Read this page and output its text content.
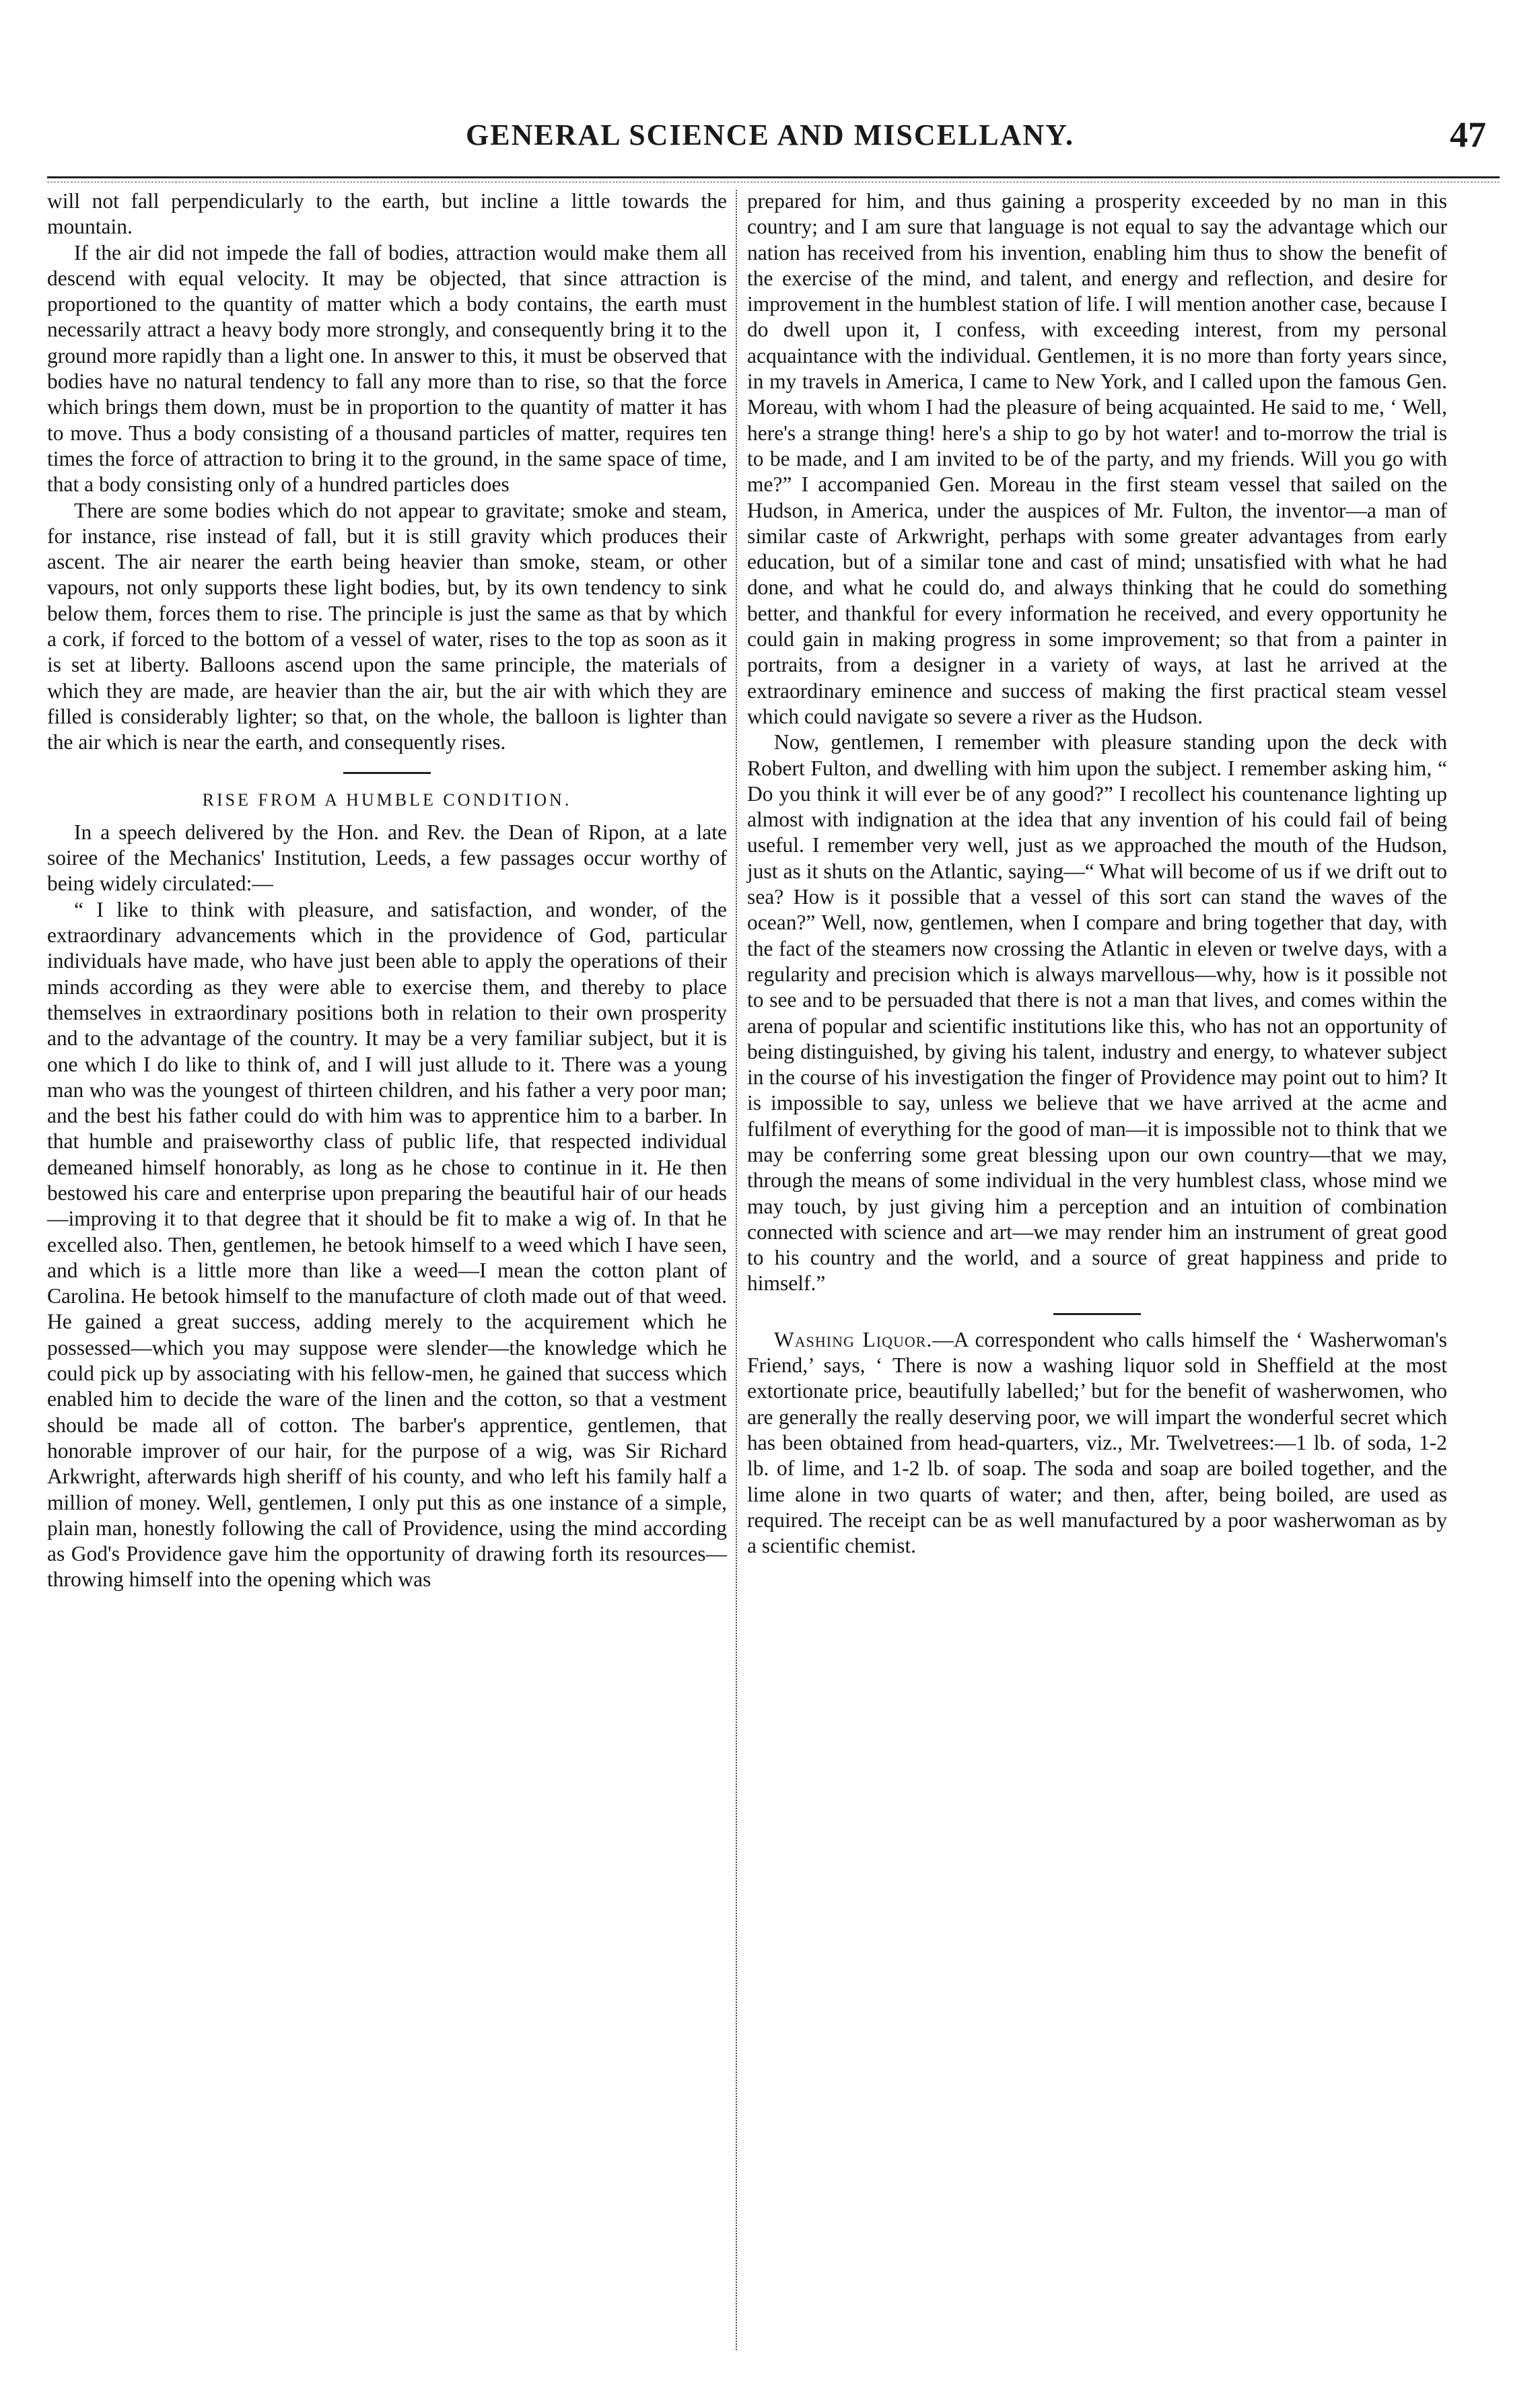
GENERAL SCIENCE AND MISCELLANY.	47

will not fall perpendicularly to the earth, but incline a little towards the mountain.

If the air did not impede the fall of bodies, attraction would make them all descend with equal velocity. It may be objected, that since attraction is proportioned to the quantity of matter which a body contains, the earth must necessarily attract a heavy body more strongly, and consequently bring it to the ground more rapidly than a light one. In answer to this, it must be observed that bodies have no natural tendency to fall any more than to rise, so that the force which brings them down, must be in proportion to the quantity of matter it has to move. Thus a body consisting of a thousand particles of matter, requires ten times the force of attraction to bring it to the ground, in the same space of time, that a body consisting only of a hundred particles does

There are some bodies which do not appear to gravitate; smoke and steam, for instance, rise instead of fall, but it is still gravity which produces their ascent. The air nearer the earth being heavier than smoke, steam, or other vapours, not only supports these light bodies, but, by its own tendency to sink below them, forces them to rise. The principle is just the same as that by which a cork, if forced to the bottom of a vessel of water, rises to the top as soon as it is set at liberty. Balloons ascend upon the same principle, the materials of which they are made, are heavier than the air, but the air with which they are filled is considerably lighter; so that, on the whole, the balloon is lighter than the air which is near the earth, and consequently rises.

RISE FROM A HUMBLE CONDITION.

In a speech delivered by the Hon. and Rev. the Dean of Ripon, at a late soiree of the Mechanics' Institution, Leeds, a few passages occur worthy of being widely circulated:—

“ I like to think with pleasure, and satisfaction, and wonder, of the extraordinary advancements which in the providence of God, particular individuals have made, who have just been able to apply the operations of their minds according as they were able to exercise them, and thereby to place themselves in extraordinary positions both in relation to their own prosperity and to the advantage of the country. It may be a very familiar subject, but it is one which I do like to think of, and I will just allude to it. There was a young man who was the youngest of thirteen children, and his father a very poor man; and the best his father could do with him was to apprentice him to a barber. In that humble and praiseworthy class of public life, that respected individual demeaned himself honorably, as long as he chose to continue in it. He then bestowed his care and enterprise upon preparing the beautiful hair of our heads—improving it to that degree that it should be fit to make a wig of. In that he excelled also. Then, gentlemen, he betook himself to a weed which I have seen, and which is a little more than like a weed—I mean the cotton plant of Carolina. He betook himself to the manufacture of cloth made out of that weed. He gained a great success, adding merely to the acquirement which he possessed—which you may suppose were slender—the knowledge which he could pick up by associating with his fellow-men, he gained that success which enabled him to decide the ware of the linen and the cotton, so that a vestment should be made all of cotton. The barber's apprentice, gentlemen, that honorable improver of our hair, for the purpose of a wig, was Sir Richard Arkwright, afterwards high sheriff of his county, and who left his family half a million of money. Well, gentlemen, I only put this as one instance of a simple, plain man, honestly following the call of Providence, using the mind according as God's Providence gave him the opportunity of drawing forth its resources—throwing himself into the opening which was

prepared for him, and thus gaining a prosperity exceeded by no man in this country; and I am sure that language is not equal to say the advantage which our nation has received from his invention, enabling him thus to show the benefit of the exercise of the mind, and talent, and energy and reflection, and desire for improvement in the humblest station of life. I will mention another case, because I do dwell upon it, I confess, with exceeding interest, from my personal acquaintance with the individual. Gentlemen, it is no more than forty years since, in my travels in America, I came to New York, and I called upon the famous Gen. Moreau, with whom I had the pleasure of being acquainted. He said to me, ‘ Well, here's a strange thing! here's a ship to go by hot water! and to-morrow the trial is to be made, and I am invited to be of the party, and my friends. Will you go with me?” I accompanied Gen. Moreau in the first steam vessel that sailed on the Hudson, in America, under the auspices of Mr. Fulton, the inventor—a man of similar caste of Arkwright, perhaps with some greater advantages from early education, but of a similar tone and cast of mind; unsatisfied with what he had done, and what he could do, and always thinking that he could do something better, and thankful for every information he received, and every opportunity he could gain in making progress in some improvement; so that from a painter in portraits, from a designer in a variety of ways, at last he arrived at the extraordinary eminence and success of making the first practical steam vessel which could navigate so severe a river as the Hudson.

Now, gentlemen, I remember with pleasure standing upon the deck with Robert Fulton, and dwelling with him upon the subject. I remember asking him, “ Do you think it will ever be of any good?” I recollect his countenance lighting up almost with indignation at the idea that any invention of his could fail of being useful. I remember very well, just as we approached the mouth of the Hudson, just as it shuts on the Atlantic, saying—“ What will become of us if we drift out to sea? How is it possible that a vessel of this sort can stand the waves of the ocean?” Well, now, gentlemen, when I compare and bring together that day, with the fact of the steamers now crossing the Atlantic in eleven or twelve days, with a regularity and precision which is always marvellous—why, how is it possible not to see and to be persuaded that there is not a man that lives, and comes within the arena of popular and scientific institutions like this, who has not an opportunity of being distinguished, by giving his talent, industry and energy, to whatever subject in the course of his investigation the finger of Providence may point out to him? It is impossible to say, unless we believe that we have arrived at the acme and fulfilment of everything for the good of man—it is impossible not to think that we may be conferring some great blessing upon our own country—that we may, through the means of some individual in the very humblest class, whose mind we may touch, by just giving him a perception and an intuition of combination connected with science and art—we may render him an instrument of great good to his country and the world, and a source of great happiness and pride to himself.”

Washing Liquor.—A correspondent who calls himself the ‘ Washerwoman's Friend,’ says, ‘ There is now a washing liquor sold in Sheffield at the most extortionate price, beautifully labelled;’ but for the benefit of washerwomen, who are generally the really deserving poor, we will impart the wonderful secret which has been obtained from head-quarters, viz., Mr. Twelvetrees:—1 lb. of soda, 1-2 lb. of lime, and 1-2 lb. of soap. The soda and soap are boiled together, and the lime alone in two quarts of water; and then, after, being boiled, are used as required. The receipt can be as well manufactured by a poor washerwoman as by a scientific chemist.
